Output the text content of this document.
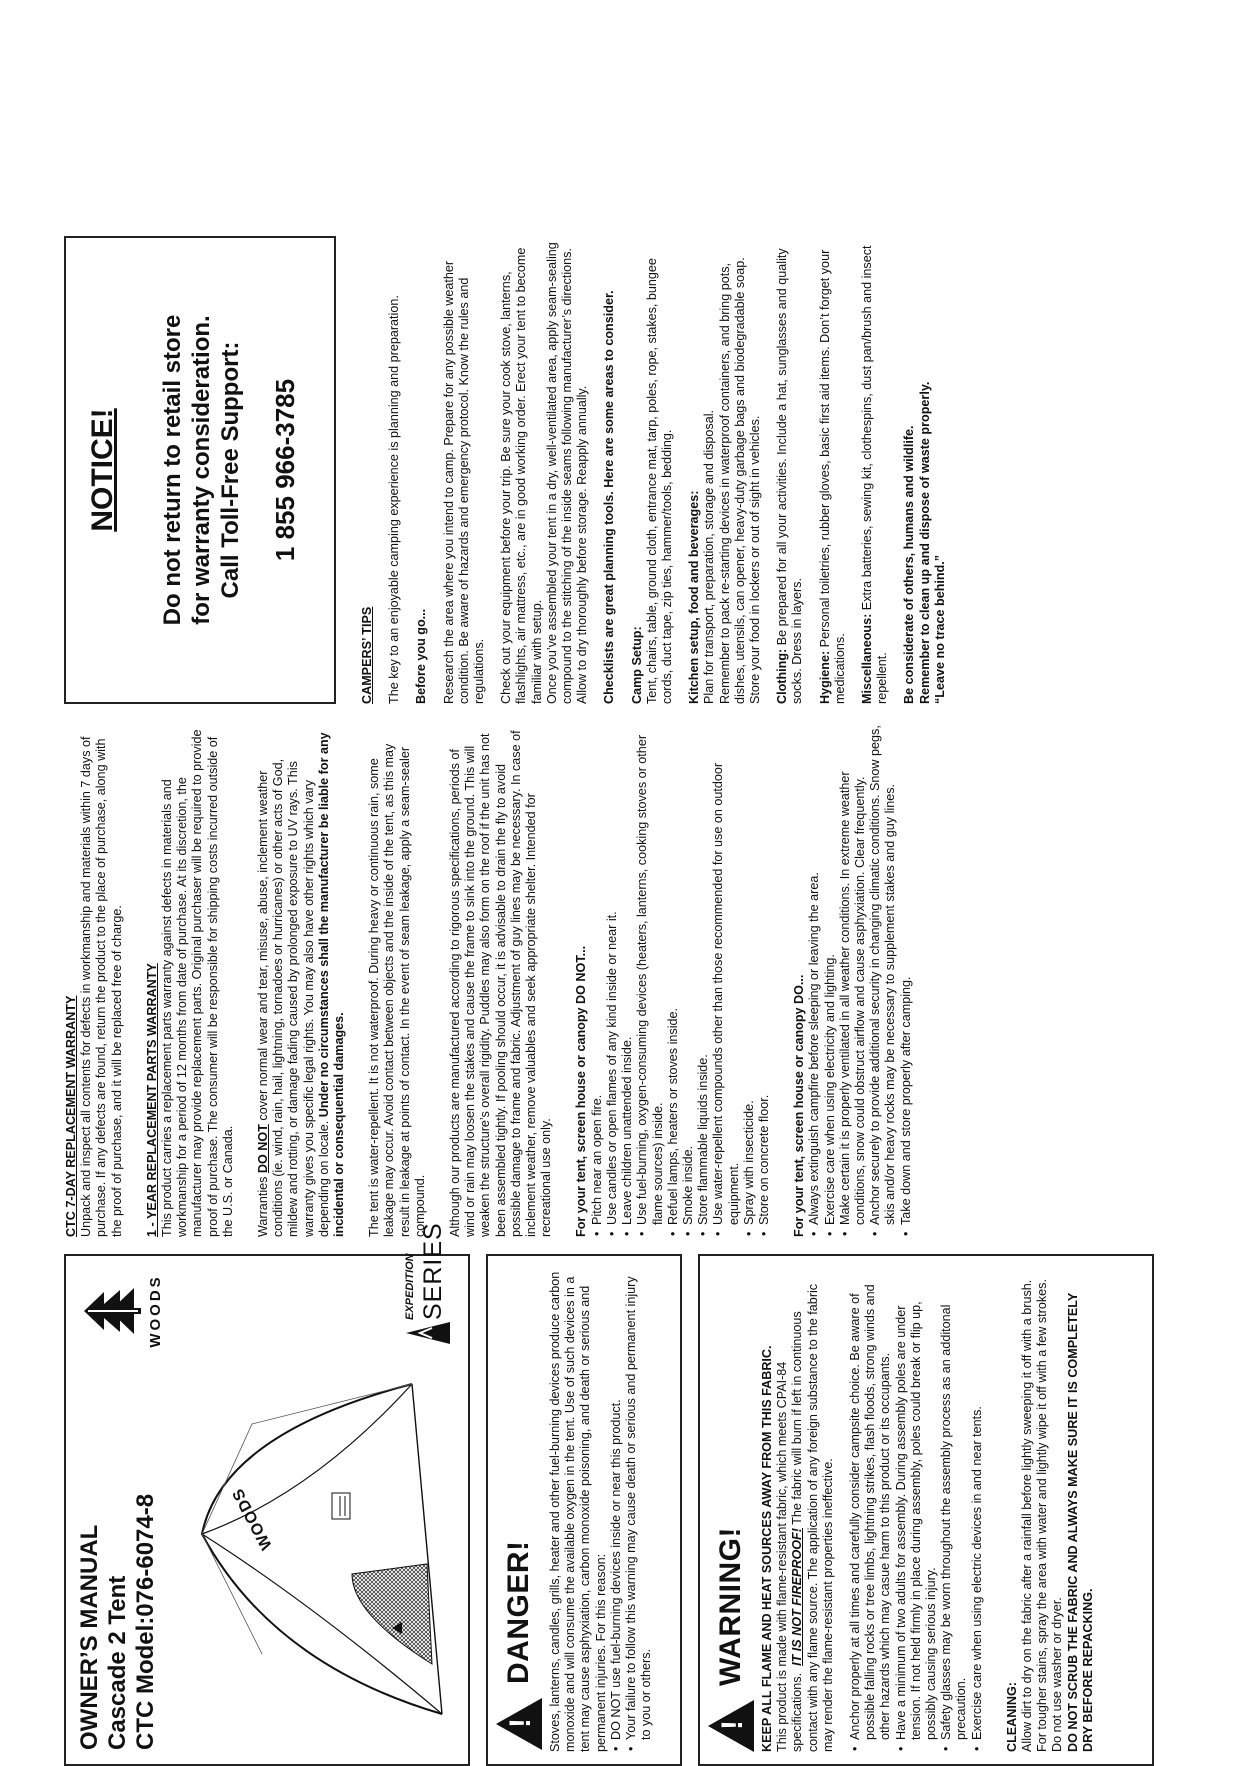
OWNER’S MANUAL Cascade 2 Tent CTC Model:076-6074-8	WOODS
WOODS	EXPEDITION SERIES
!
DANGER! Stoves, lanterns, candles, grills, heater and other fuel-burning devices produce carbon monoxide and will consume the available oxygen in the tent. Use of such devices in a tent may cause asphyxiation, carbon monoxide poisoning, and death or serious and permanent injuries. For this reason: • DO NOT use fuel-burning devices inside or near this product. • Your failure to follow this warning may cause death or serious and permanent injury to you or others. !
WARNING! KEEP ALL FLAME AND HEAT SOURCES AWAY FROM THIS FABRIC. This product is made with flame-resistant fabric, which meets CPAI-84 specifications.  IT IS NOT FIREPROOF! The fabric will burn if left in continuous contact with any flame source. The application of any foreign substance to the fabric may render the flame-resistant properties ineffective. • Anchor properly at all times and carefully consider campsite choice. Be aware of possible falling rocks or tree limbs, lightning strikes, flash floods, strong winds and other hazards which may casue harm to this product or its occupants. • Have a minimum of two adults for assembly. During assembly poles are under tension. If not held firmly in place during assembly, poles could break or flip up, possibly causing serious injury. • Safety glasses may be worn throughout the assembly process as an additonal precaution. • Exercise care when using electric devices in and near tents. CLEANING: Allow dirt to dry on the fabric after a rainfall before lightly sweeping it off with a brush. For tougher stains, spray the area with water and lightly wipe it off with a few strokes. Do not use washer or dryer. DO NOT SCRUB THE FABRIC AND ALWAYS MAKE SURE IT IS COMPLETELY DRY BEFORE REPACKING.

CTC 7-DAY REPLACEMENT WARRANTY Unpack and inspect all contents for defects in workmanship and materials within 7 days of purchase. If any defects are found, return the product to the place of purchase, along with the proof of purchase, and it will be replaced free of charge. 1 - YEAR REPLACEMENT PARTS WARRANTY This product carries a replacement parts warranty against defects in materials and workmanship for a period of 12 months from date of purchase. At its discretion, the manufacturer may provide replacement parts. Original purchaser will be required to provide proof of purchase. The consumer will be responsible for shipping costs incurred outside of the U.S. or Canada. Warranties DO NOT cover normal wear and tear, misuse, abuse, inclement weather conditions (ie. wind, rain, hail, lightning, tornadoes or hurricanes) or other acts of God, mildew and rotting, or damage fading caused by prolonged exposure to UV rays. This warranty gives you specific legal rights. You may also have other rights which vary depending on locale. Under no circumstances shall the manufacturer be liable for any incidental or consequential damages. The tent is water-repellent. It is not waterproof. During heavy or continuous rain, some leakage may occur. Avoid contact between objects and the inside of the tent, as this may result in leakage at points of contact. In the event of seam leakage, apply a seam-sealer compound. Although our products are manufactured according to rigorous specifications, periods of wind or rain may loosen the stakes and cause the frame to sink into the ground. This will weaken the structure’s overall rigidity. Puddles may also form on the roof if the unit has not been assembled tightly. If pooling should occur, it is advisable to drain the fly to avoid possible damage to frame and fabric. Adjustment of guy lines may be necessary. In case of inclement weather, remove valuables and seek appropriate shelter. Intended for recreational use only. For your tent, screen house or canopy DO NOT... • Pitch near an open fire. • Use candles or open flames of any kind inside or near it. • Leave children unattended inside. • Use fuel-burning, oxygen-consuming devices (heaters, lanterns, cooking stoves or other flame sources) inside. • Refuel lamps, heaters or stoves inside. • Smoke inside. • Store flammable liquids inside. • Use water-repellent compounds other than those recommended for use on outdoor equipment. • Spray with insecticide. • Store on concrete floor. For your tent, screen house or canopy DO... • Always extinguish campfire before sleeping or leaving the area. • Exercise care when using electricity and lighting. • Make certain it is properly ventilated in all weather conditions. In extreme weather conditions, snow could obstruct airflow and cause asphyxiation. Clear frequently. • Anchor securely to provide additional security in changing climatic conditions. Snow pegs, skis and/or heavy rocks may be necessary to supplement stakes and guy lines. • Take down and store properly after camping.
NOTICE! Do not return to retail store for warranty consideration. Call Toll-Free Support: 1 855 966-3785

CAMPERS’ TIPS The key to an enjoyable camping experience is planning and preparation. Before you go... Research the area where you intend to camp. Prepare for any possible weather condition. Be aware of hazards and emergency protocol. Know the rules and regulations. Check out your equipment before your trip. Be sure your cook stove, lanterns, flashlights, air mattress, etc., are in good working order. Erect your tent to become familiar with setup. Once you’ve assembled your tent in a dry, well-ventilated area, apply seam-sealing compound to the stitching of the inside seams following manufacturer’s directions. Allow to dry thoroughly before storage. Reapply annually. Checklists are great planning tools. Here are some areas to consider. Camp Setup: Tent, chairs, table, ground cloth, entrance mat, tarp, poles, rope, stakes, bungee cords, duct tape, zip ties, hammer/tools, bedding. Kitchen setup, food and beverages: Plan for transport, preparation, storage and disposal. Remember to pack re-starting devices in waterproof containers, and bring pots, dishes, utensils, can opener, heavy-duty garbage bags and biodegradable soap. Store your food in lockers or out of sight in vehicles. Clothing: Be prepared for all your activities. Include a hat, sunglasses and quality socks. Dress in layers. Hygiene: Personal toiletries, rubber gloves, basic first aid items. Don’t forget your medications. Miscellaneous: Extra batteries, sewing kit, clothespins, dust pan/brush and insect repellent. Be considerate of others, humans and wildlife. Remember to clean up and dispose of waste properly. “Leave no trace behind.”
